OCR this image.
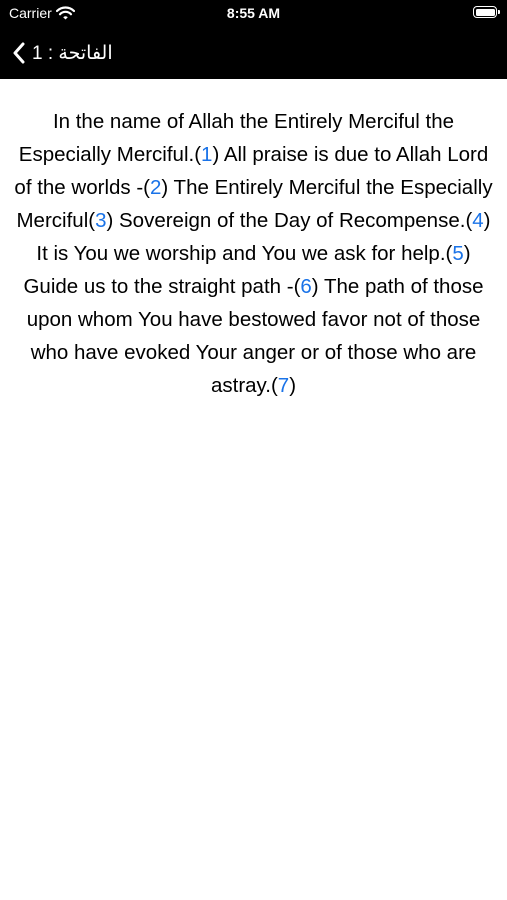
Carrier	8:55 AM
الفاتحة : 1
In the name of Allah the Entirely Merciful the Especially Merciful.(1) All praise is due to Allah Lord of the worlds -(2) The Entirely Merciful the Especially Merciful(3) Sovereign of the Day of Recompense.(4) It is You we worship and You we ask for help.(5) Guide us to the straight path -(6) The path of those upon whom You have bestowed favor not of those who have evoked Your anger or of those who are astray.(7)
